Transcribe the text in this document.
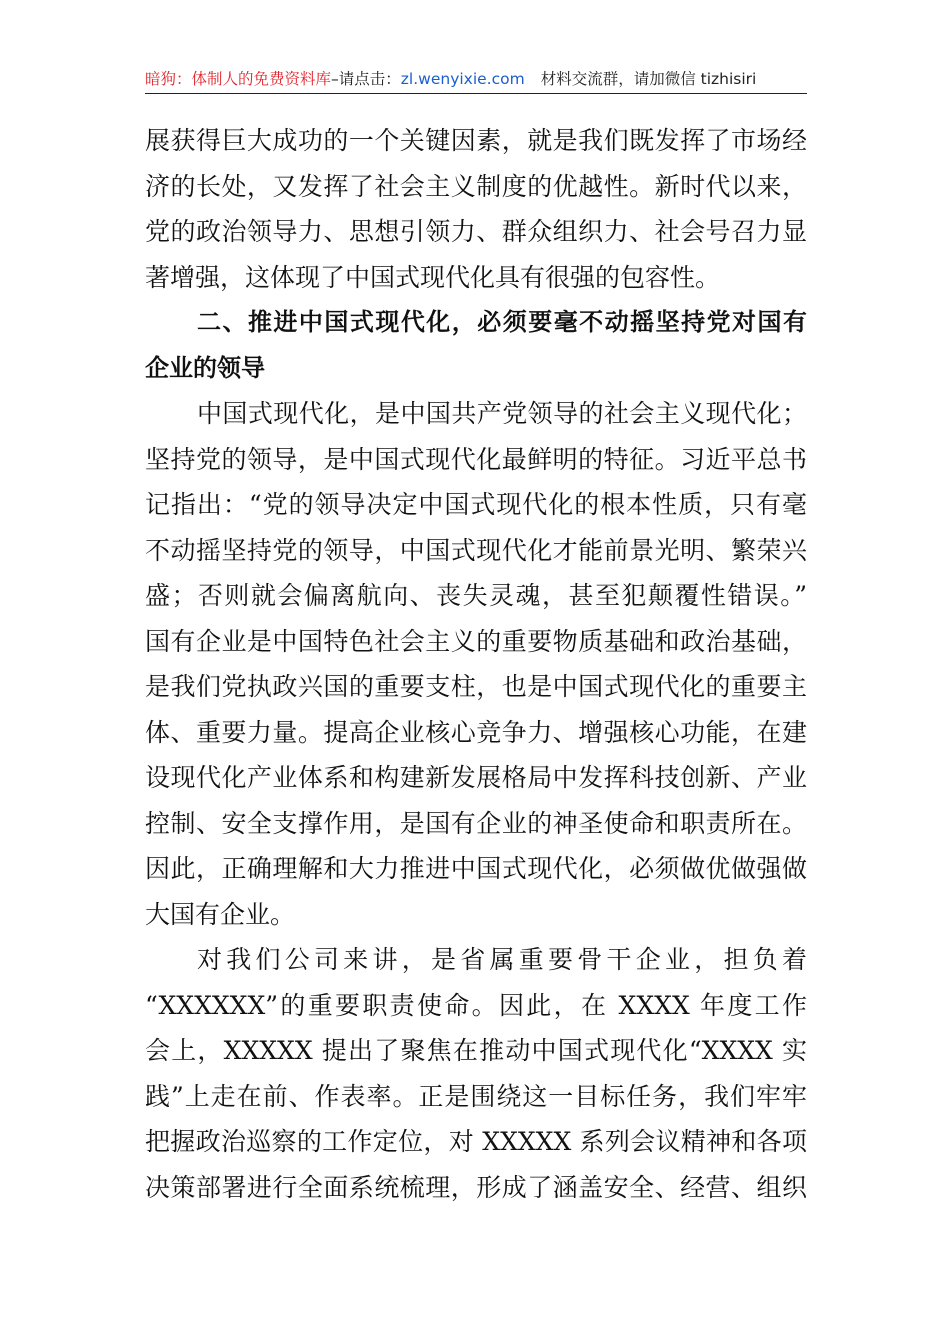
暗狗：体制人的免费资料库–请点击：zl.wenyixie.com 材料交流群，请加微信 tizhisiri
展获得巨大成功的一个关键因素，就是我们既发挥了市场经
济的长处，又发挥了社会主义制度的优越性。新时代以来，
党的政治领导力、思想引领力、群众组织力、社会号召力显
著增强，这体现了中国式现代化具有很强的包容性。
二、推进中国式现代化，必须要毫不动摇坚持党对国有
企业的领导
中国式现代化，是中国共产党领导的社会主义现代化；
坚持党的领导，是中国式现代化最鲜明的特征。习近平总书
记指出：“党的领导决定中国式现代化的根本性质，只有毫
不动摇坚持党的领导，中国式现代化才能前景光明、繁荣兴
盛；否则就会偏离航向、丧失灵魂，甚至犯颠覆性错误。”
国有企业是中国特色社会主义的重要物质基础和政治基础，
是我们党执政兴国的重要支柱，也是中国式现代化的重要主
体、重要力量。提高企业核心竞争力、增强核心功能，在建
设现代化产业体系和构建新发展格局中发挥科技创新、产业
控制、安全支撑作用，是国有企业的神圣使命和职责所在。
因此，正确理解和大力推进中国式现代化，必须做优做强做
大国有企业。
对我们公司来讲，是省属重要骨干企业，担负着
“XXXXXX”的重要职责使命。因此，在 XXXX 年度工作
会上，XXXXX 提出了聚焦在推动中国式现代化“XXXX 实
践”上走在前、作表率。正是围绕这一目标任务，我们牢牢
把握政治巡察的工作定位，对 XXXXX 系列会议精神和各项
决策部署进行全面系统梳理，形成了涵盖安全、经营、组织
